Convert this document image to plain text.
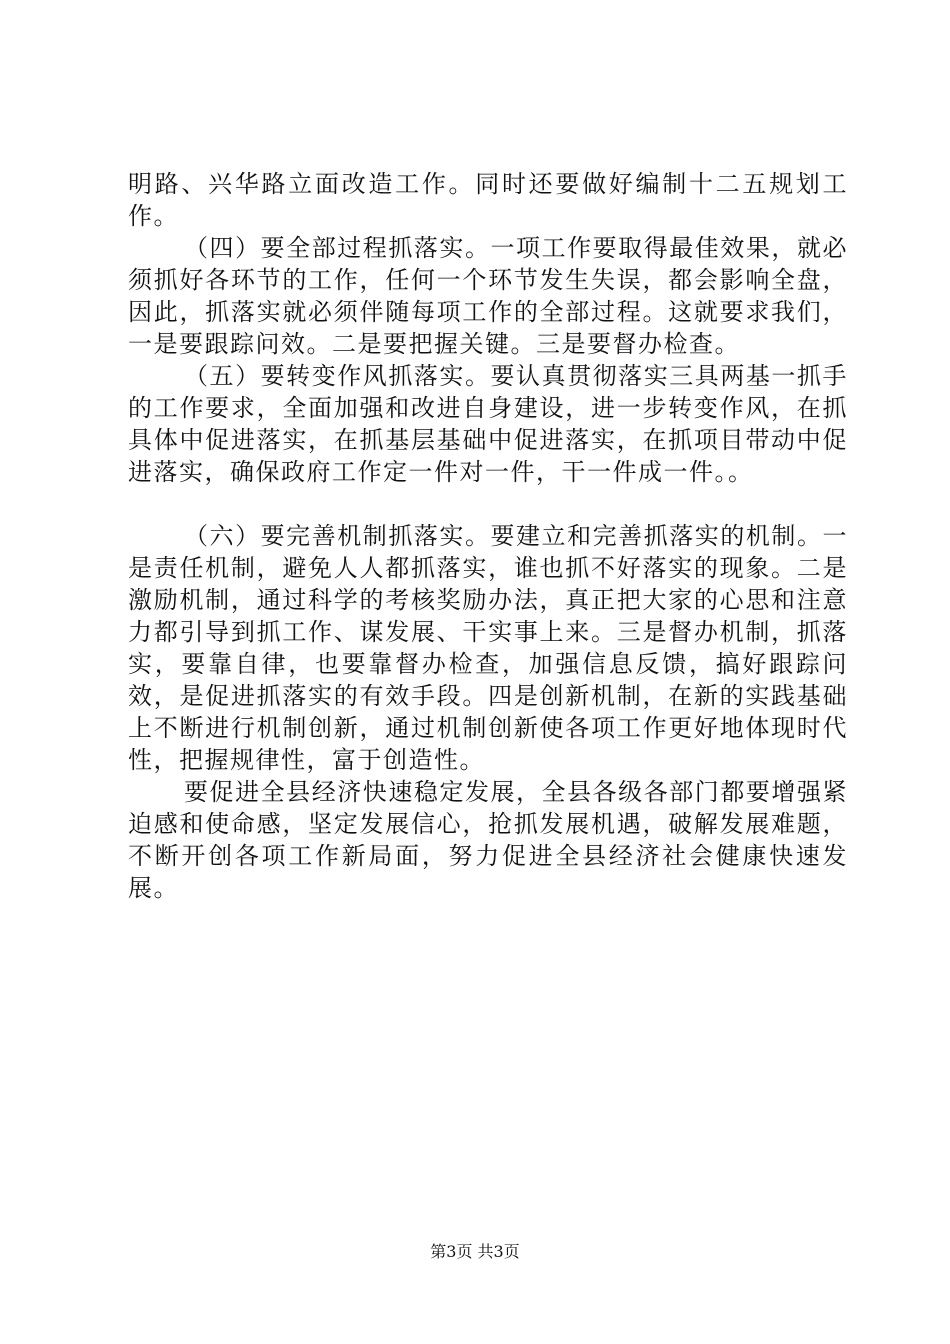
明路、兴华路立面改造工作。同时还要做好编制十二五规划工作。

（四）要全部过程抓落实。一项工作要取得最佳效果，就必须抓好各环节的工作，任何一个环节发生失误，都会影响全盘，因此，抓落实就必须伴随每项工作的全部过程。这就要求我们，一是要跟踪问效。二是要把握关键。三是要督办检查。

（五）要转变作风抓落实。要认真贯彻落实三具两基一抓手的工作要求，全面加强和改进自身建设，进一步转变作风，在抓具体中促进落实，在抓基层基础中促进落实，在抓项目带动中促进落实，确保政府工作定一件对一件，干一件成一件。。

（六）要完善机制抓落实。要建立和完善抓落实的机制。一是责任机制，避免人人都抓落实，谁也抓不好落实的现象。二是激励机制，通过科学的考核奖励办法，真正把大家的心思和注意力都引导到抓工作、谋发展、干实事上来。三是督办机制，抓落实，要靠自律，也要靠督办检查，加强信息反馈，搞好跟踪问效，是促进抓落实的有效手段。四是创新机制，在新的实践基础上不断进行机制创新，通过机制创新使各项工作更好地体现时代性，把握规律性，富于创造性。

要促进全县经济快速稳定发展，全县各级各部门都要增强紧迫感和使命感，坚定发展信心，抢抓发展机遇，破解发展难题，不断开创各项工作新局面，努力促进全县经济社会健康快速发展。

第3页 共3页
